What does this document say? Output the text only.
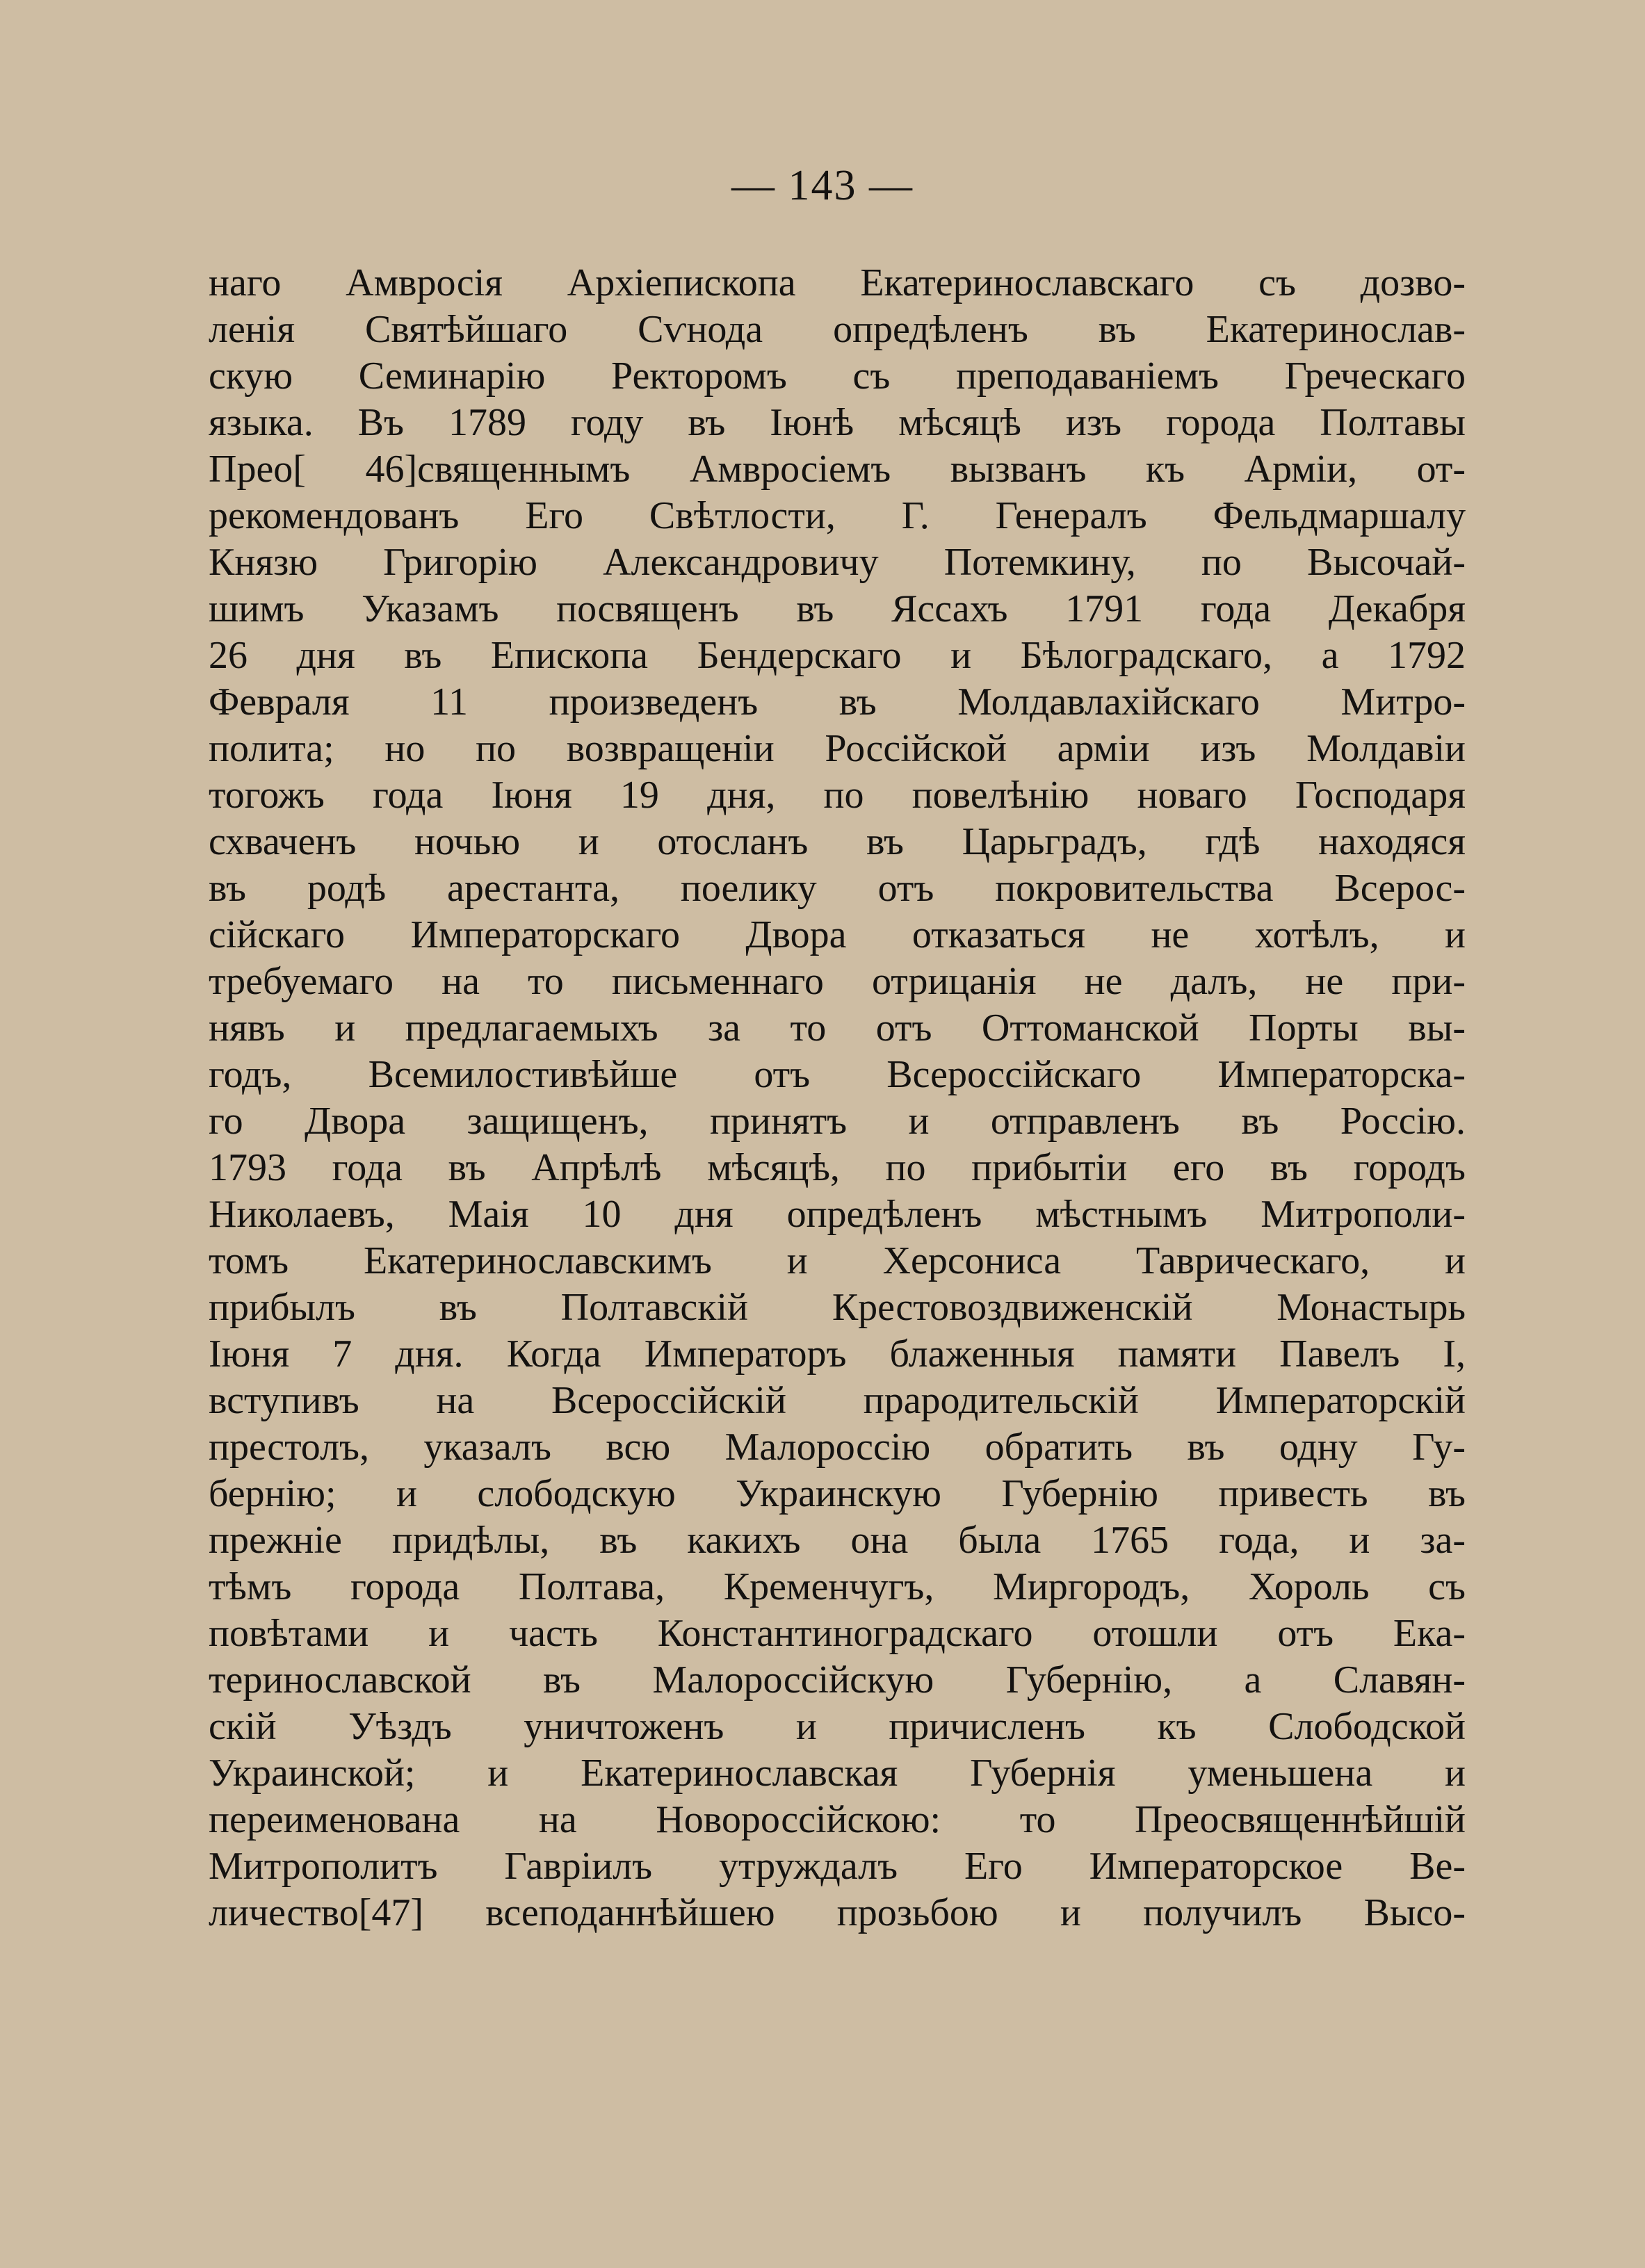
— 143 —
наго Амвросія Архіепископа Екатеринославскаго съ дозво-
ленія Святѣйшаго Сѵнода опредѣленъ въ Екатеринослав-
скую Семинарію Ректоромъ съ преподаваніемъ Греческаго
языка. Въ 1789 году въ Іюнѣ мѣсяцѣ изъ города Полтавы
Прео[ 46]священнымъ Амвросіемъ вызванъ къ Арміи, от-
рекомендованъ Его Свѣтлости, Г. Генералъ Фельдмаршалу
Князю Григорію Александровичу Потемкину, по Высочай-
шимъ Указамъ посвященъ въ Яссахъ 1791 года Декабря
26 дня въ Епископа Бендерскаго и Бѣлоградскаго, а 1792
Февраля 11 произведенъ въ Молдавлахійскаго Митро-
полита; но по возвращеніи Россійской арміи изъ Молдавіи
тогожъ года Іюня 19 дня, по повелѣнію новаго Господаря
схваченъ ночью и отосланъ въ Царьградъ, гдѣ находяся
въ родѣ арестанта, поелику отъ покровительства Всерос-
сійскаго Императорскаго Двора отказаться не хотѣлъ, и
требуемаго на то письменнаго отрицанія не далъ, не при-
нявъ и предлагаемыхъ за то отъ Оттоманской Порты вы-
годъ, Всемилостивѣйше отъ Всероссійскаго Императорска-
го Двора защищенъ, принятъ и отправленъ въ Россію.
1793 года въ Апрѣлѣ мѣсяцѣ, по прибытіи его въ городъ
Николаевъ, Маія 10 дня опредѣленъ мѣстнымъ Митрополи-
томъ Екатеринославскимъ и Херсониса Таврическаго, и
прибылъ въ Полтавскій Крестовоздвиженскій Монастырь
Іюня 7 дня. Когда Императоръ блаженныя памяти Павелъ I,
вступивъ на Всероссійскій прародительскій Императорскій
престолъ, указалъ всю Малороссію обратить въ одну Гу-
бернію; и слободскую Украинскую Губернію привесть въ
прежніе придѣлы, въ какихъ она была 1765 года, и за-
тѣмъ города Полтава, Кременчугъ, Миргородъ, Хороль съ
повѣтами и часть Константиноградскаго отошли отъ Ека-
теринославской въ Малороссійскую Губернію, а Славян-
скій Уѣздъ уничтоженъ и причисленъ къ Слободской
Украинской; и Екатеринославская Губернія уменьшена и
переименована на Новороссійскою: то Преосвященнѣйшій
Митрополитъ Гавріилъ утруждалъ Его Императорское Ве-
личество[47] всеподаннѣйшею прозьбою и получилъ Высо-
